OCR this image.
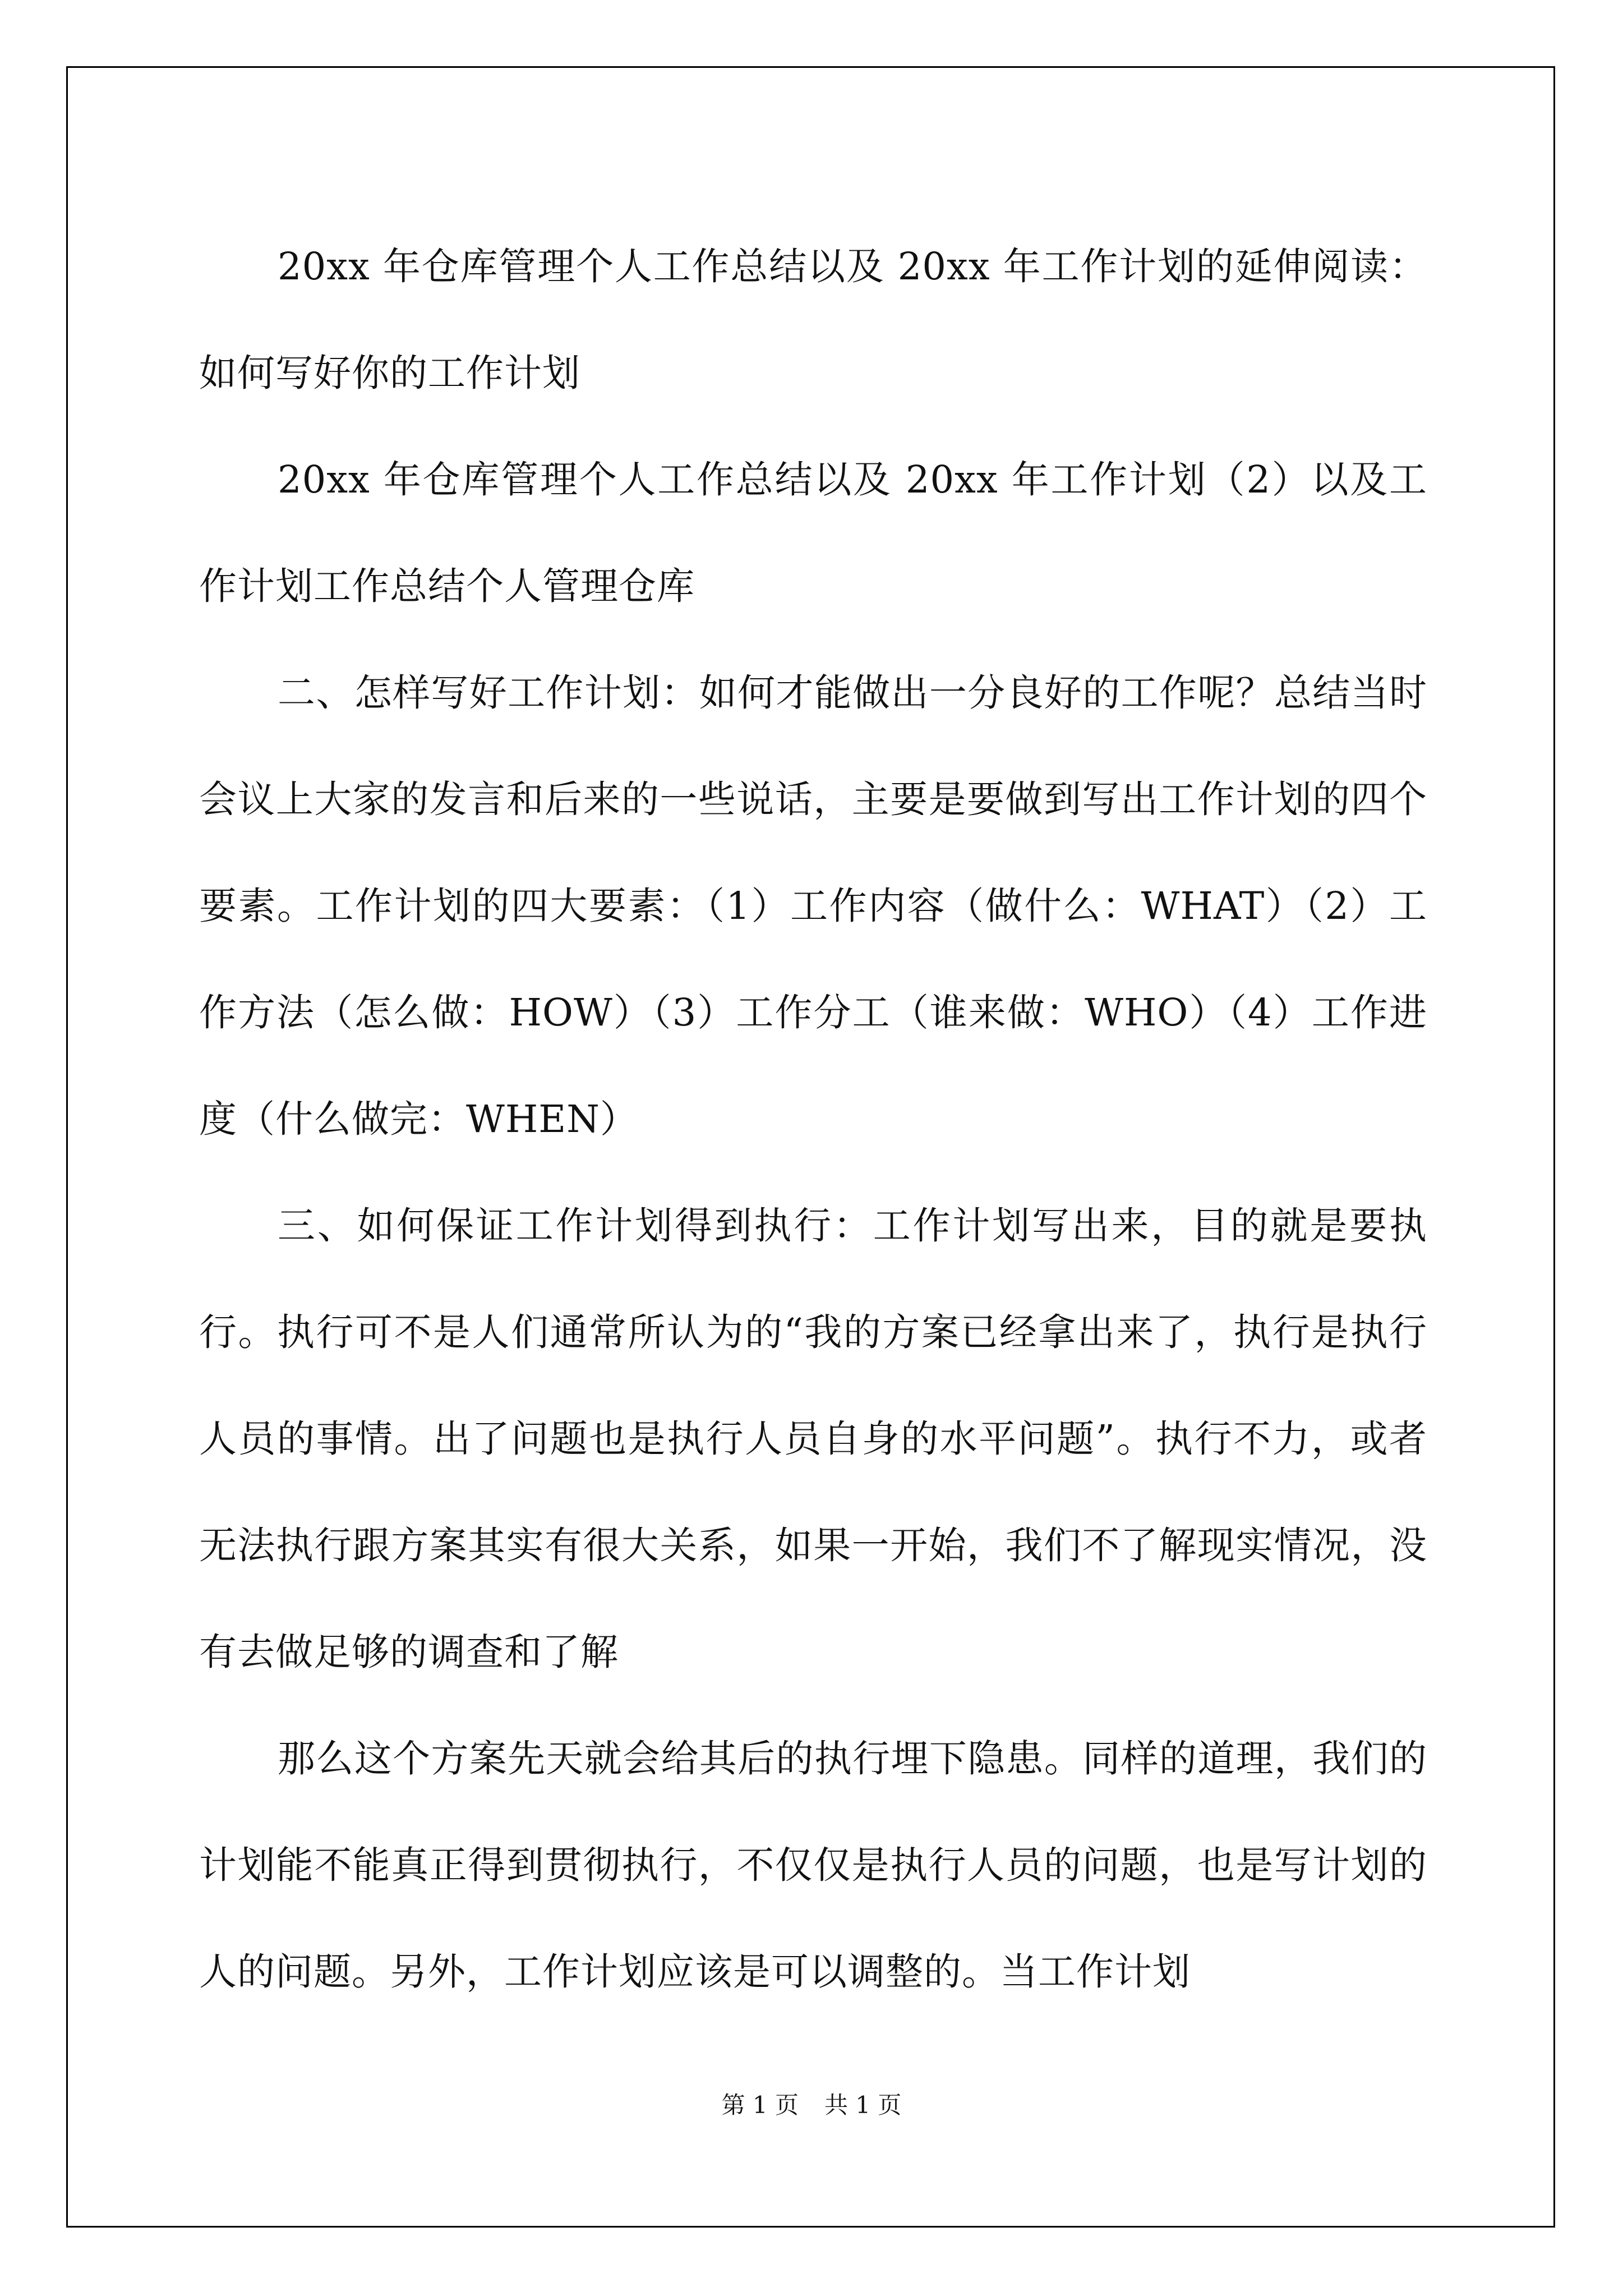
20xx 年仓库管理个人工作总结以及 20xx 年工作计划的延伸阅读：如何写好你的工作计划

20xx 年仓库管理个人工作总结以及 20xx 年工作计划（2）以及工作计划工作总结个人管理仓库

二、怎样写好工作计划：如何才能做出一分良好的工作呢？总结当时会议上大家的发言和后来的一些说话，主要是要做到写出工作计划的四个要素。工作计划的四大要素：（1）工作内容（做什么：WHAT）（2）工作方法（怎么做：HOW）（3）工作分工（谁来做：WHO）（4）工作进度（什么做完：WHEN）

三、如何保证工作计划得到执行：工作计划写出来，目的就是要执行。执行可不是人们通常所认为的“我的方案已经拿出来了，执行是执行人员的事情。出了问题也是执行人员自身的水平问题”。执行不力，或者无法执行跟方案其实有很大关系，如果一开始，我们不了解现实情况，没有去做足够的调查和了解

那么这个方案先天就会给其后的执行埋下隐患。同样的道理，我们的计划能不能真正得到贯彻执行，不仅仅是执行人员的问题，也是写计划的人的问题。另外，工作计划应该是可以调整的。当工作计划

第 1 页 共 1 页
